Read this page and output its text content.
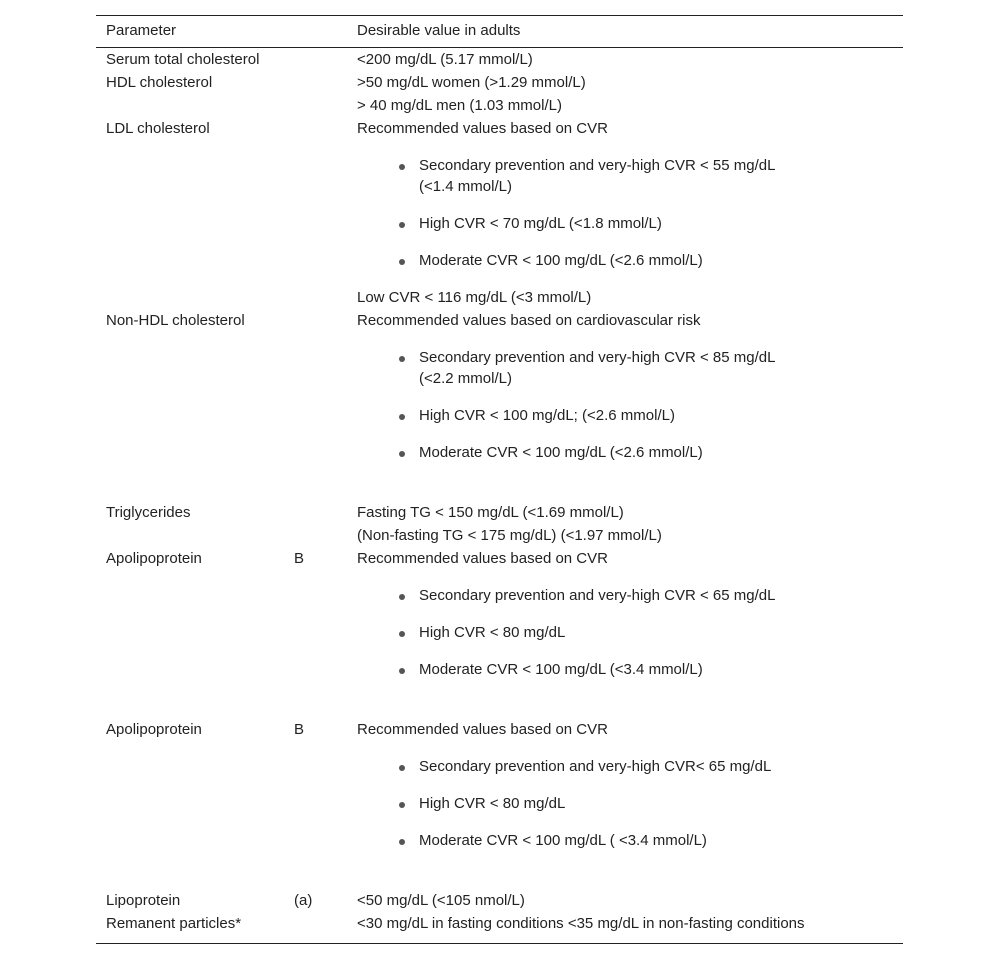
Parameter	Desirable value in adults
Serum total cholesterol	<200 mg/dL (5.17 mmol/L)
HDL cholesterol	>50 mg/dL women (>1.29 mmol/L)
> 40 mg/dL men (1.03 mmol/L)
LDL cholesterol	Recommended values based on CVR
Secondary prevention and very-high CVR < 55 mg/dL
(<1.4 mmol/L)
High CVR < 70 mg/dL (<1.8 mmol/L)
Moderate CVR < 100 mg/dL (<2.6 mmol/L)
Low CVR < 116 mg/dL (<3 mmol/L)
Non-HDL cholesterol	Recommended values based on cardiovascular risk
Secondary prevention and very-high CVR < 85 mg/dL
(<2.2 mmol/L)
High CVR < 100 mg/dL; (<2.6 mmol/L)
Moderate CVR < 100 mg/dL (<2.6 mmol/L)
Triglycerides	Fasting TG < 150 mg/dL (<1.69 mmol/L)
(Non-fasting TG < 175 mg/dL) (<1.97 mmol/L)
Apolipoprotein	B	Recommended values based on CVR
Secondary prevention and very-high CVR < 65 mg/dL
High CVR < 80 mg/dL
Moderate CVR < 100 mg/dL (<3.4 mmol/L)
Apolipoprotein	B	Recommended values based on CVR
Secondary prevention and very-high CVR< 65 mg/dL
High CVR < 80 mg/dL
Moderate CVR < 100 mg/dL ( <3.4 mmol/L)
Lipoprotein	(a)	<50 mg/dL (<105 nmol/L)
Remanent particles*	<30 mg/dL in fasting conditions <35 mg/dL in non-fasting conditions
